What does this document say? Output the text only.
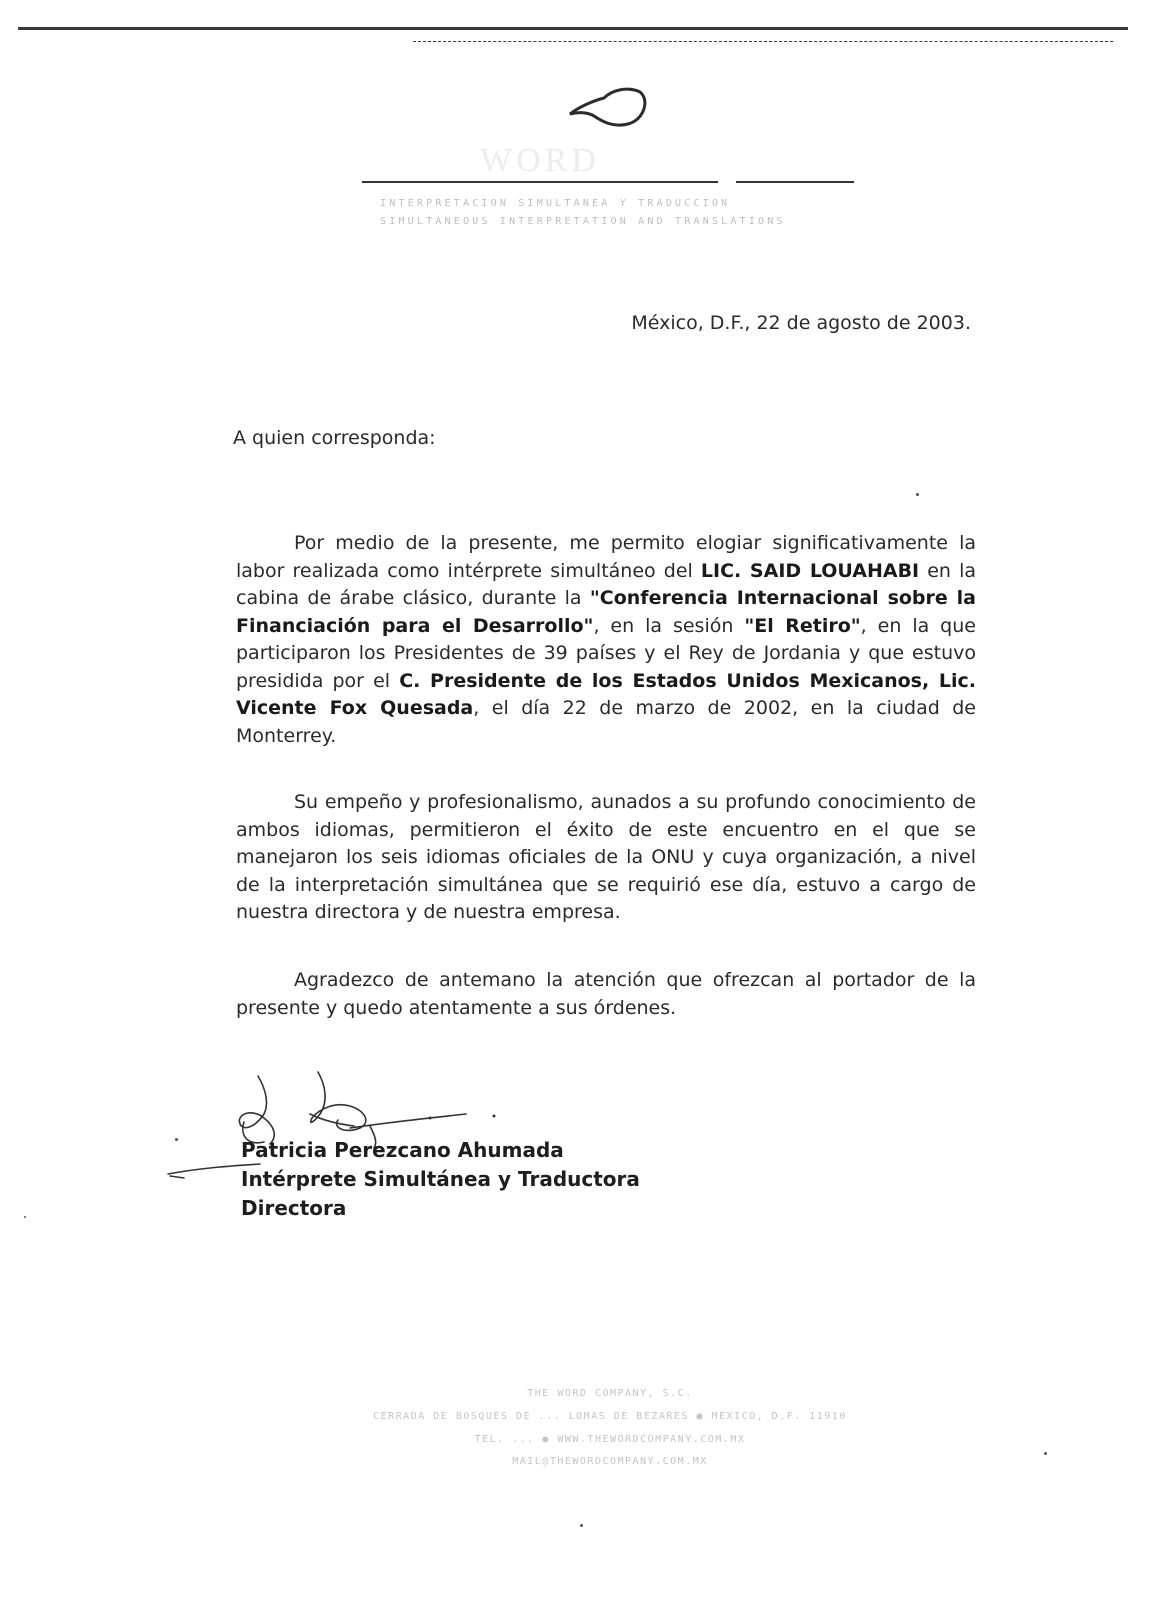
WORD
INTERPRETACIÓN SIMULTÁNEA Y TRADUCCIÓN
SIMULTANEOUS INTERPRETATION AND TRANSLATIONS
México, D.F., 22 de agosto de 2003.
A quien corresponda:

Por medio de la presente, me permito elogiar significativamente la labor realizada como intérprete simultáneo del LIC. SAID LOUAHABI en la cabina de árabe clásico, durante la "Conferencia Internacional sobre la Financiación para el Desarrollo", en la sesión "El Retiro", en la que participaron los Presidentes de 39 países y el Rey de Jordania y que estuvo presidida por el C. Presidente de los Estados Unidos Mexicanos, Lic. Vicente Fox Quesada, el día 22 de marzo de 2002, en la ciudad de Monterrey.

Su empeño y profesionalismo, aunados a su profundo conocimiento de ambos idiomas, permitieron el éxito de este encuentro en el que se manejaron los seis idiomas oficiales de la ONU y cuya organización, a nivel de la interpretación simultánea que se requirió ese día, estuvo a cargo de nuestra directora y de nuestra empresa.

Agradezco de antemano la atención que ofrezcan al portador de la presente y quedo atentamente a sus órdenes.

Patricia Perezcano Ahumada
Intérprete Simultánea y Traductora
Directora
THE WORD COMPANY, S.C.
CERRADA DE BOSQUES DE ... LOMAS DE BEZARES ● MÉXICO, D.F. 11910
TEL. ... ● WWW.THEWORDCOMPANY.COM.MX
MAIL@THEWORDCOMPANY.COM.MX
